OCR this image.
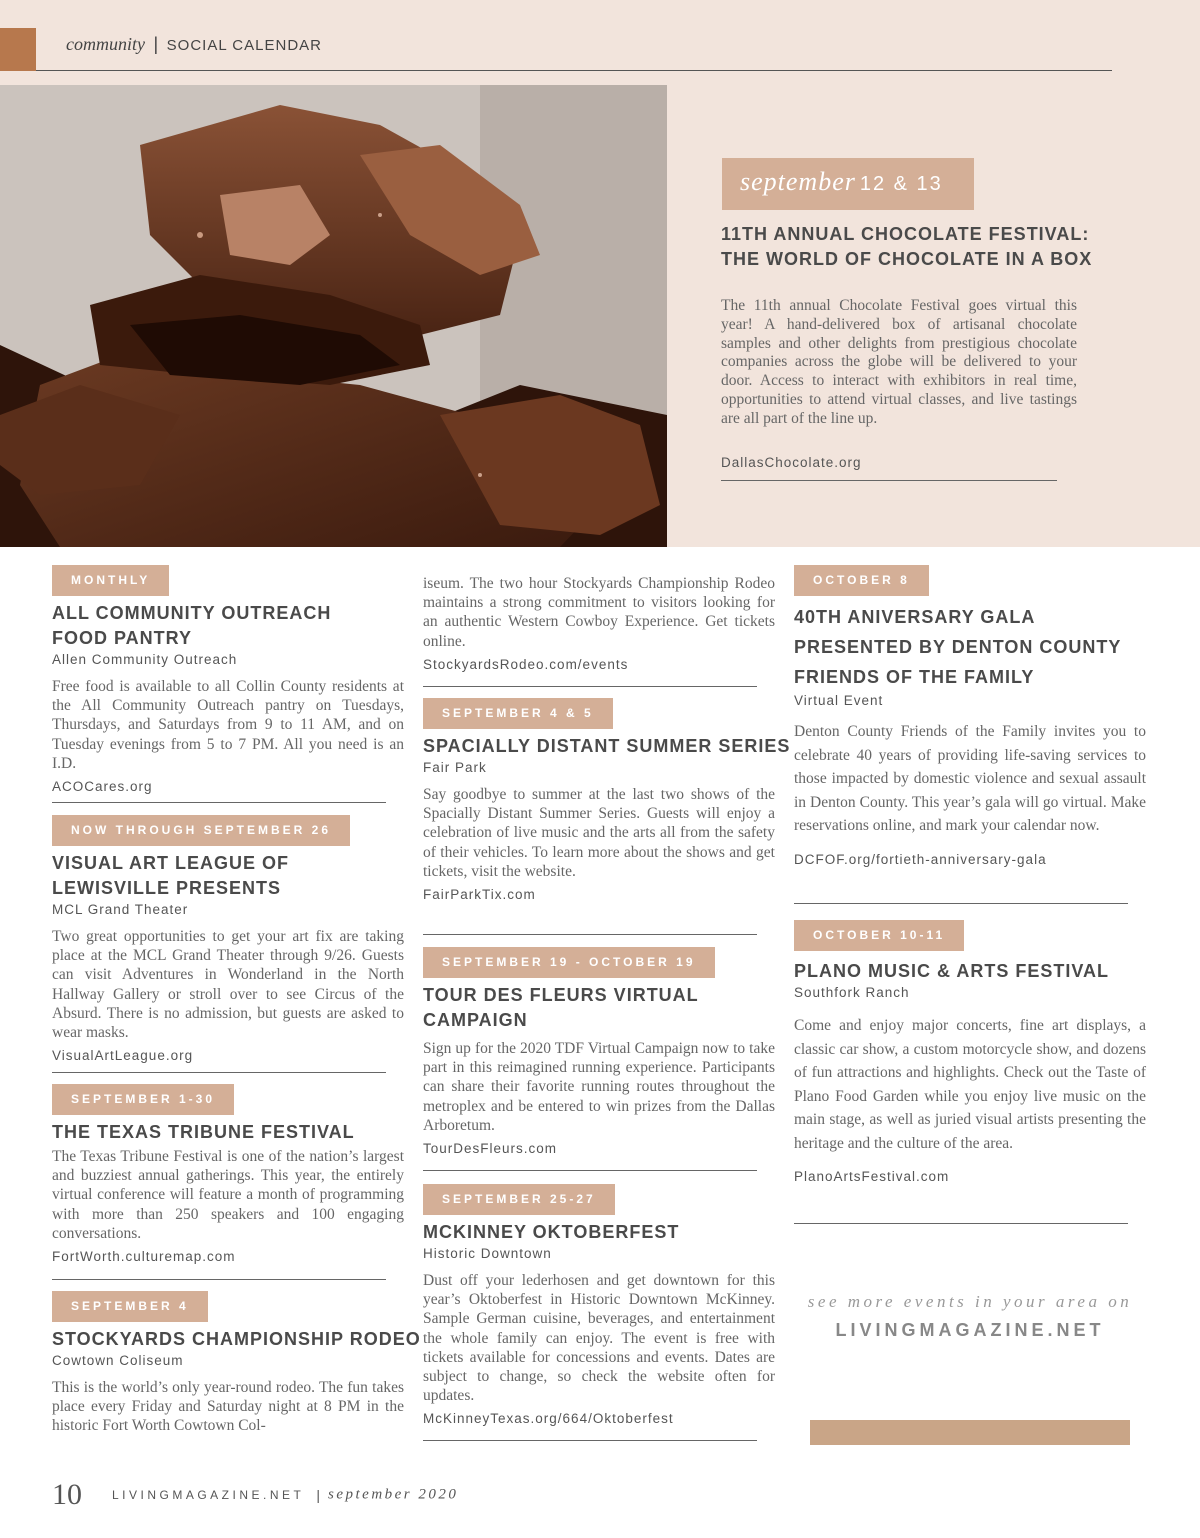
community | SOCIAL CALENDAR
september 12 & 13
11TH ANNUAL CHOCOLATE FESTIVAL:
THE WORLD OF CHOCOLATE IN A BOX

The 11th annual Chocolate Festival goes virtual this year! A hand-delivered box of artisanal chocolate samples and other delights from prestigious chocolate companies across the globe will be delivered to your door. Access to interact with exhibitors in real time, opportunities to attend virtual classes, and live tastings are all part of the line up.

DallasChocolate.org
MONTHLY
ALL COMMUNITY OUTREACH FOOD PANTRY
Allen Community Outreach

Free food is available to all Collin County residents at the All Community Outreach pantry on Tuesdays, Thursdays, and Saturdays from 9 to 11 AM, and on Tuesday evenings from 5 to 7 PM. All you need is an I.D.

ACOCares.org
NOW THROUGH SEPTEMBER 26
VISUAL ART LEAGUE OF LEWISVILLE PRESENTS
MCL Grand Theater

Two great opportunities to get your art fix are taking place at the MCL Grand Theater through 9/26. Guests can visit Adventures in Wonderland in the North Hallway Gallery or stroll over to see Circus of the Absurd. There is no admission, but guests are asked to wear masks.

VisualArtLeague.org
SEPTEMBER 1-30
THE TEXAS TRIBUNE FESTIVAL

The Texas Tribune Festival is one of the nation’s largest and buzziest annual gatherings. This year, the entirely virtual conference will feature a month of programming with more than 250 speakers and 100 engaging conversations.

FortWorth.culturemap.com
SEPTEMBER 4
STOCKYARDS CHAMPIONSHIP RODEO
Cowtown Coliseum

This is the world’s only year-round rodeo. The fun takes place every Friday and Saturday night at 8 PM in the historic Fort Worth Cowtown Col-

iseum. The two hour Stockyards Championship Rodeo maintains a strong commitment to visitors looking for an authentic Western Cowboy Experience. Get tickets online.

StockyardsRodeo.com/events
SEPTEMBER 4 & 5
SPACIALLY DISTANT SUMMER SERIES
Fair Park

Say goodbye to summer at the last two shows of the Spacially Distant Summer Series. Guests will enjoy a celebration of live music and the arts all from the safety of their vehicles. To learn more about the shows and get tickets, visit the website.

FairParkTix.com
SEPTEMBER 19 - OCTOBER 19
TOUR DES FLEURS VIRTUAL CAMPAIGN

Sign up for the 2020 TDF Virtual Campaign now to take part in this reimagined running experience. Participants can share their favorite running routes throughout the metroplex and be entered to win prizes from the Dallas Arboretum.

TourDesFleurs.com
SEPTEMBER 25-27
MCKINNEY OKTOBERFEST
Historic Downtown

Dust off your lederhosen and get downtown for this year’s Oktoberfest in Historic Downtown McKinney. Sample German cuisine, beverages, and entertainment the whole family can enjoy. The event is free with tickets available for concessions and events. Dates are subject to change, so check the website often for updates.

McKinneyTexas.org/664/Oktoberfest
OCTOBER 8
40TH ANIVERSARY GALA PRESENTED BY DENTON COUNTY FRIENDS OF THE FAMILY
Virtual Event

Denton County Friends of the Family invites you to celebrate 40 years of providing life-saving services to those impacted by domestic violence and sexual assault in Denton County. This year’s gala will go virtual. Make reservations online, and mark your calendar now.

DCFOF.org/fortieth-anniversary-gala
OCTOBER 10-11
PLANO MUSIC & ARTS FESTIVAL
Southfork Ranch

Come and enjoy major concerts, fine art displays, a classic car show, a custom motorcycle show, and dozens of fun attractions and highlights. Check out the Taste of Plano Food Garden while you enjoy live music on the main stage, as well as juried visual artists presenting the heritage and the culture of the area.

PlanoArtsFestival.com
see more events in your area on
LIVINGMAGAZINE.NET
10	LIVINGMAGAZINE.NET | september 2020
